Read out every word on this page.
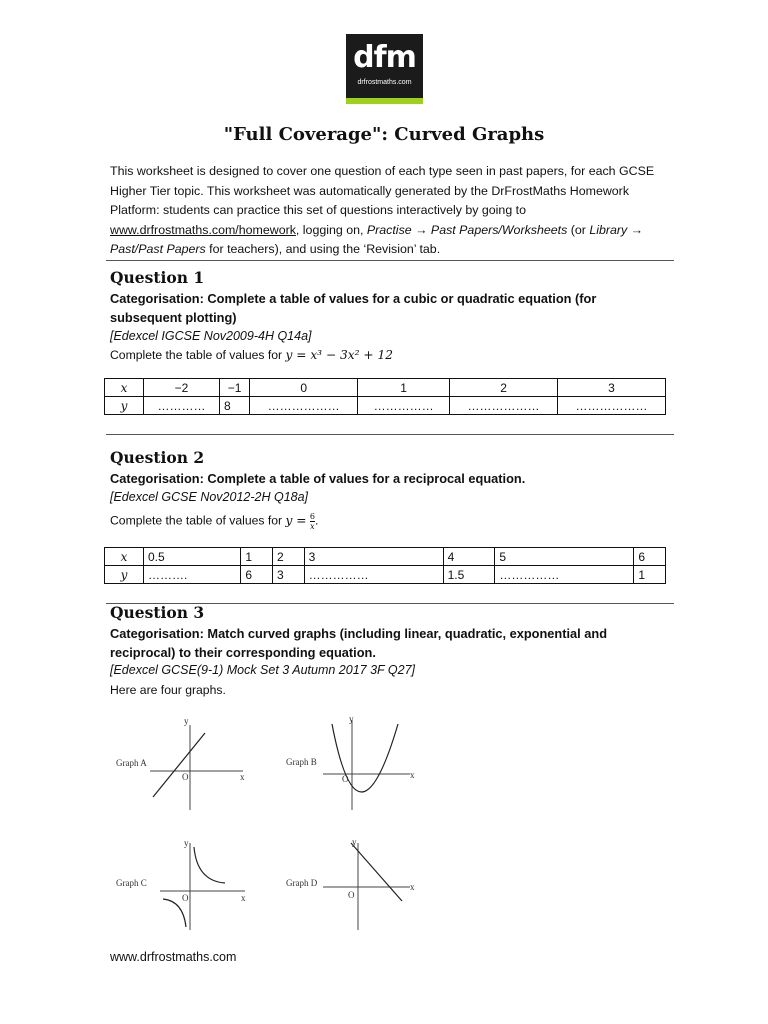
dfm
drfrostmaths.com
"Full Coverage": Curved Graphs
This worksheet is designed to cover one question of each type seen in past papers, for each GCSE Higher Tier topic. This worksheet was automatically generated by the DrFrostMaths Homework Platform: students can practice this set of questions interactively by going to www.drfrostmaths.com/homework, logging on, Practise → Past Papers/Worksheets (or Library → Past/Past Papers for teachers), and using the ‘Revision’ tab.
Question 1
Categorisation: Complete a table of values for a cubic or quadratic equation (for subsequent plotting)
[Edexcel IGCSE Nov2009-4H Q14a]
Complete the table of values for y = x³ − 3x² + 12
x	−2	−1	0	1	2	3
y	…………	8	………………	……………	………………	………………
Question 2
Categorisation: Complete a table of values for a reciprocal equation.
[Edexcel GCSE Nov2012-2H Q18a]
Complete the table of values for $y = \frac{6}{x}$ .
x	0.5	1	2	3	4	5	6
y	……….	6	3	……………	1.5	……………	1
Question 3
Categorisation: Match curved graphs (including linear, quadratic, exponential and reciprocal) to their corresponding equation.
[Edexcel GCSE(9-1) Mock Set 3 Autumn 2017 3F Q27]
Here are four graphs.
Graph A
y
x
O
Graph B
y
x
O
Graph C
y
x
O
Graph D
y
x
O
www.drfrostmaths.com
